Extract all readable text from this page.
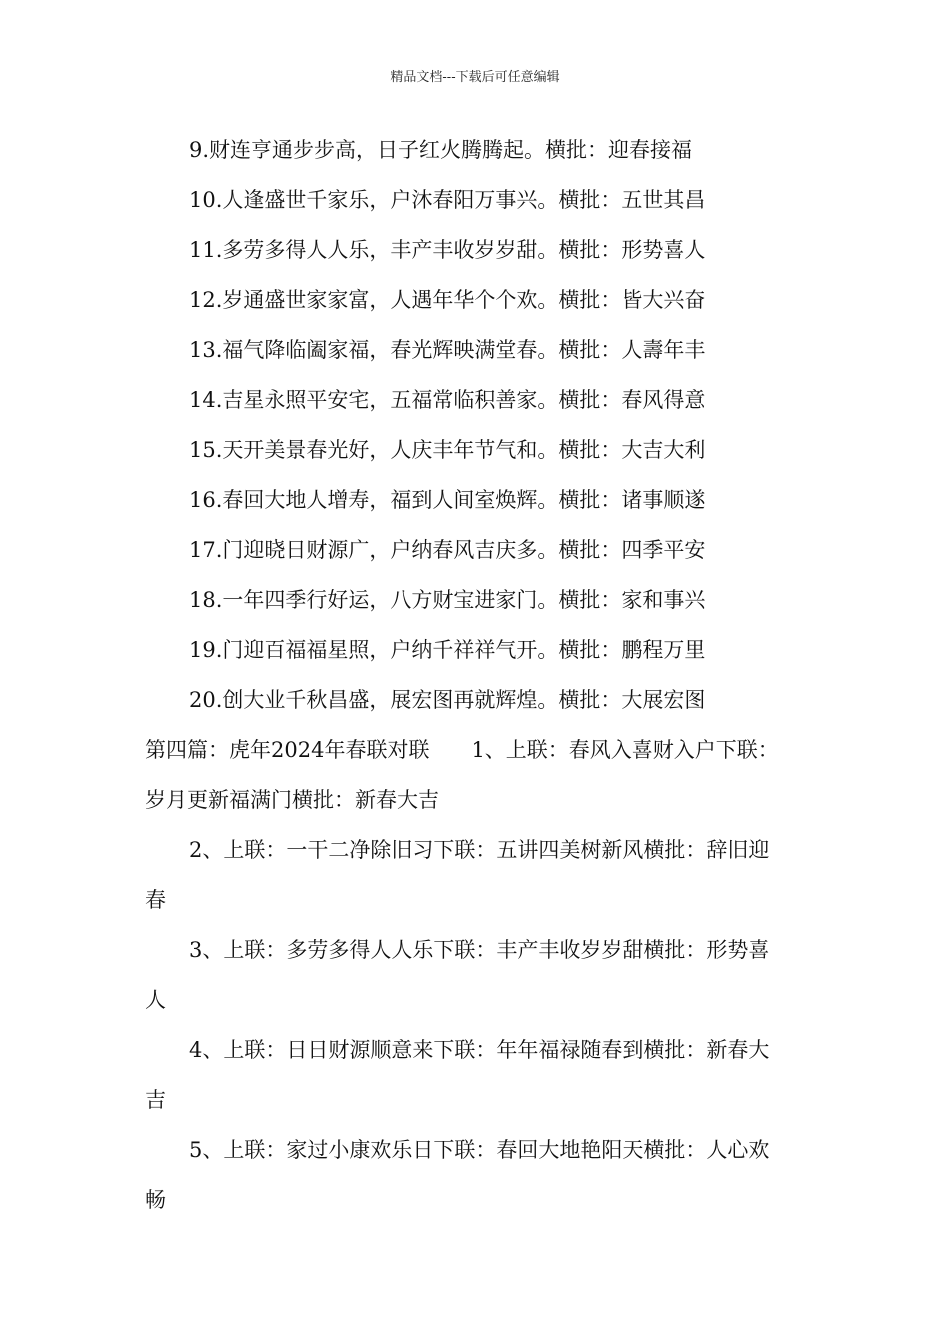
精品文档---下载后可任意编辑
9.财连亨通步步高，日子红火腾腾起。横批：迎春接福
10.人逢盛世千家乐，户沐春阳万事兴。横批：五世其昌
11.多劳多得人人乐，丰产丰收岁岁甜。横批：形势喜人
12.岁通盛世家家富，人遇年华个个欢。横批：皆大兴奋
13.福气降临阖家福，春光辉映满堂春。横批：人壽年丰
14.吉星永照平安宅，五福常临积善家。横批：春风得意
15.天开美景春光好，人庆丰年节气和。横批：大吉大利
16.春回大地人增寿，福到人间室焕辉。横批：诸事顺遂
17.门迎晓日财源广，户纳春风吉庆多。横批：四季平安
18.一年四季行好运，八方财宝进家门。横批：家和事兴
19.门迎百福福星照，户纳千祥祥气开。横批：鹏程万里
20.创大业千秋昌盛，展宏图再就辉煌。横批：大展宏图
第四篇：虎年2024年春联对联　　1、上联：春风入喜财入户下联：
岁月更新福满门横批：新春大吉
2、上联：一干二净除旧习下联：五讲四美树新风横批：辞旧迎
春
3、上联：多劳多得人人乐下联：丰产丰收岁岁甜横批：形势喜
人
4、上联：日日财源顺意来下联：年年福禄随春到横批：新春大
吉
5、上联：家过小康欢乐日下联：春回大地艳阳天横批：人心欢
畅
